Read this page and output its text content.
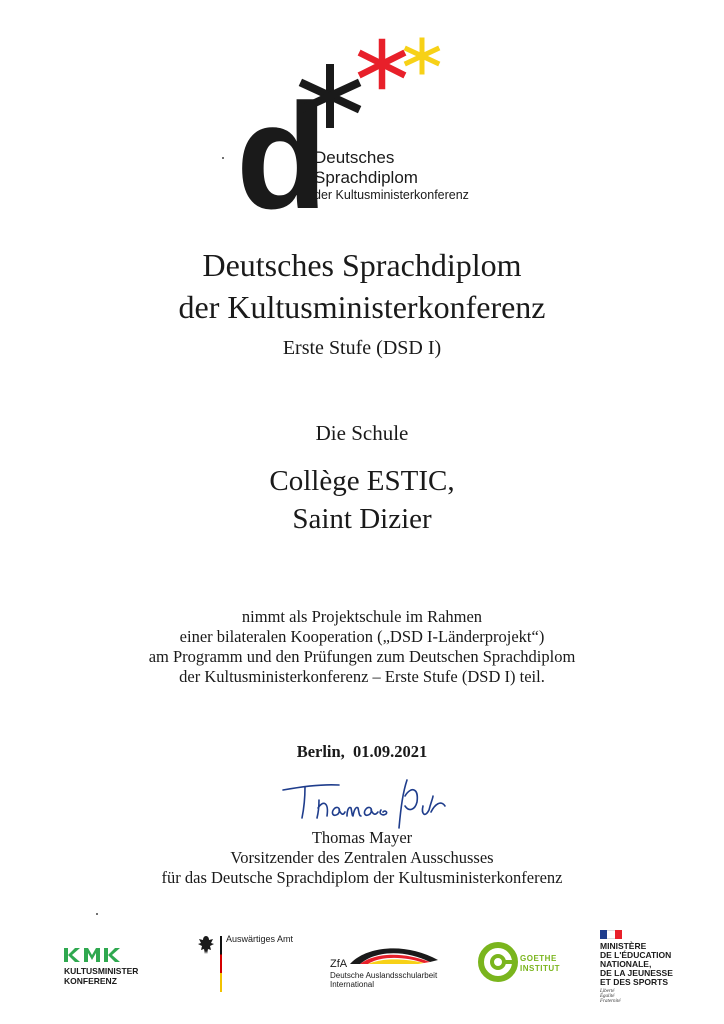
d
Deutsches
Sprachdiplom
der Kultusministerkonferenz
Deutsches Sprachdiplom
der Kultusministerkonferenz
Erste Stufe (DSD I)
Die Schule
Collège ESTIC,
Saint Dizier
nimmt als Projektschule im Rahmen
einer bilateralen Kooperation („DSD I-Länderprojekt“)
am Programm und den Prüfungen zum Deutschen Sprachdiplom
der Kultusministerkonferenz – Erste Stufe (DSD I) teil.
Berlin,  01.09.2021
Thomas Mayer
Vorsitzender des Zentralen Ausschusses
für das Deutsche Sprachdiplom der Kultusministerkonferenz
KULTUSMINISTER
KONFERENZ
Auswärtiges Amt
ZfA
Deutsche Auslandsschularbeit
International
GOETHE
INSTITUT
MINISTÈRE
DE L'ÉDUCATION
NATIONALE,
DE LA JEUNESSE
ET DES SPORTS
Liberté
Égalité
Fraternité
